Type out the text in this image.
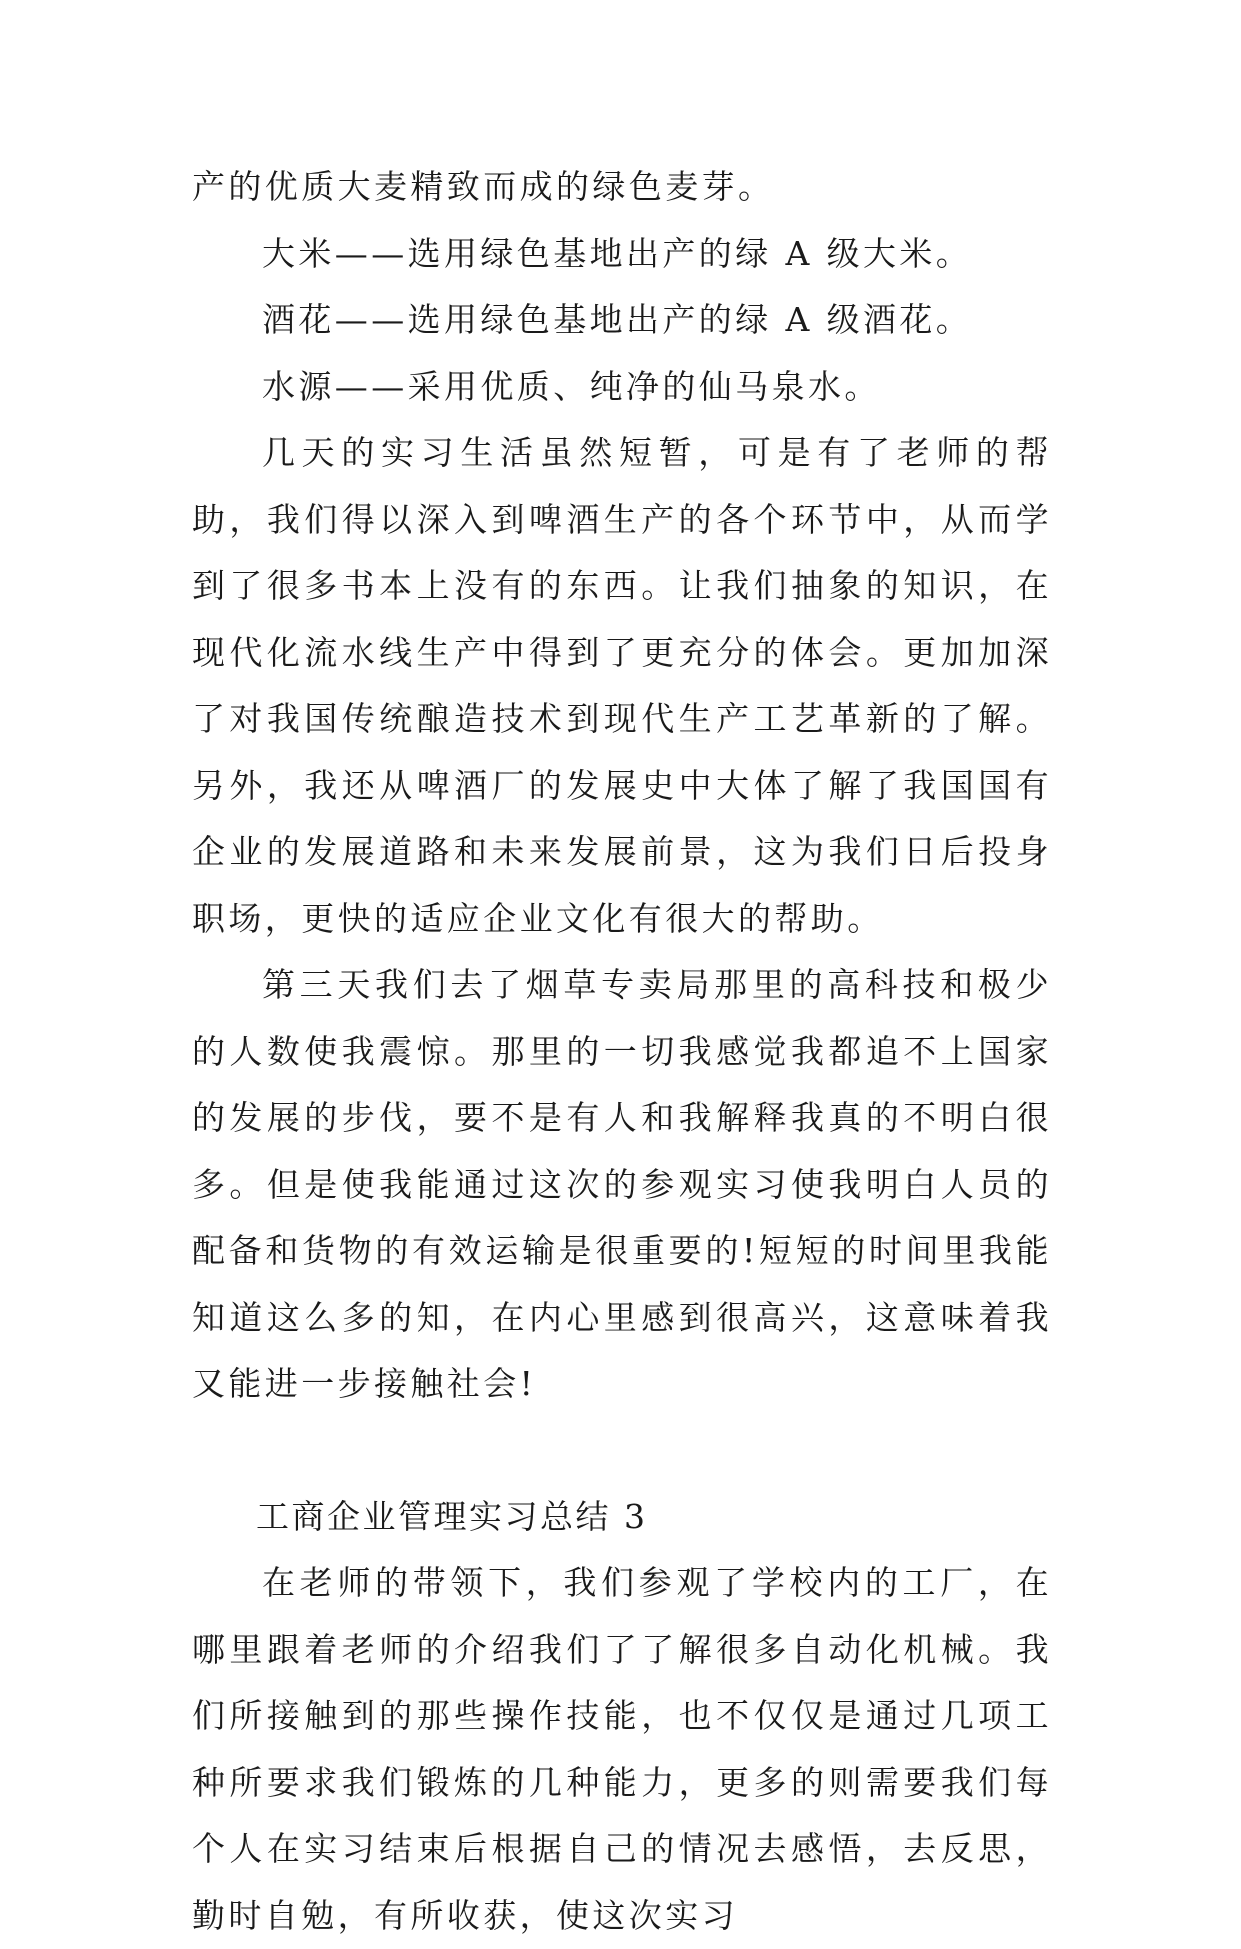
产的优质大麦精致而成的绿色麦芽。

大米——选用绿色基地出产的绿 A 级大米。

酒花——选用绿色基地出产的绿 A 级酒花。

水源——采用优质、纯净的仙马泉水。

几天的实习生活虽然短暂，可是有了老师的帮助，我们得以深入到啤酒生产的各个环节中，从而学到了很多书本上没有的东西。让我们抽象的知识，在现代化流水线生产中得到了更充分的体会。更加加深了对我国传统酿造技术到现代生产工艺革新的了解。另外，我还从啤酒厂的发展史中大体了解了我国国有企业的发展道路和未来发展前景，这为我们日后投身职场，更快的适应企业文化有很大的帮助。

第三天我们去了烟草专卖局那里的高科技和极少的人数使我震惊。那里的一切我感觉我都追不上国家的发展的步伐，要不是有人和我解释我真的不明白很多。但是使我能通过这次的参观实习使我明白人员的配备和货物的有效运输是很重要的!短短的时间里我能知道这么多的知，在内心里感到很高兴，这意味着我又能进一步接触社会!

工商企业管理实习总结 3

在老师的带领下，我们参观了学校内的工厂，在哪里跟着老师的介绍我们了了解很多自动化机械。我们所接触到的那些操作技能，也不仅仅是通过几项工种所要求我们锻炼的几种能力，更多的则需要我们每个人在实习结束后根据自己的情况去感悟，去反思，勤时自勉，有所收获，使这次实习
